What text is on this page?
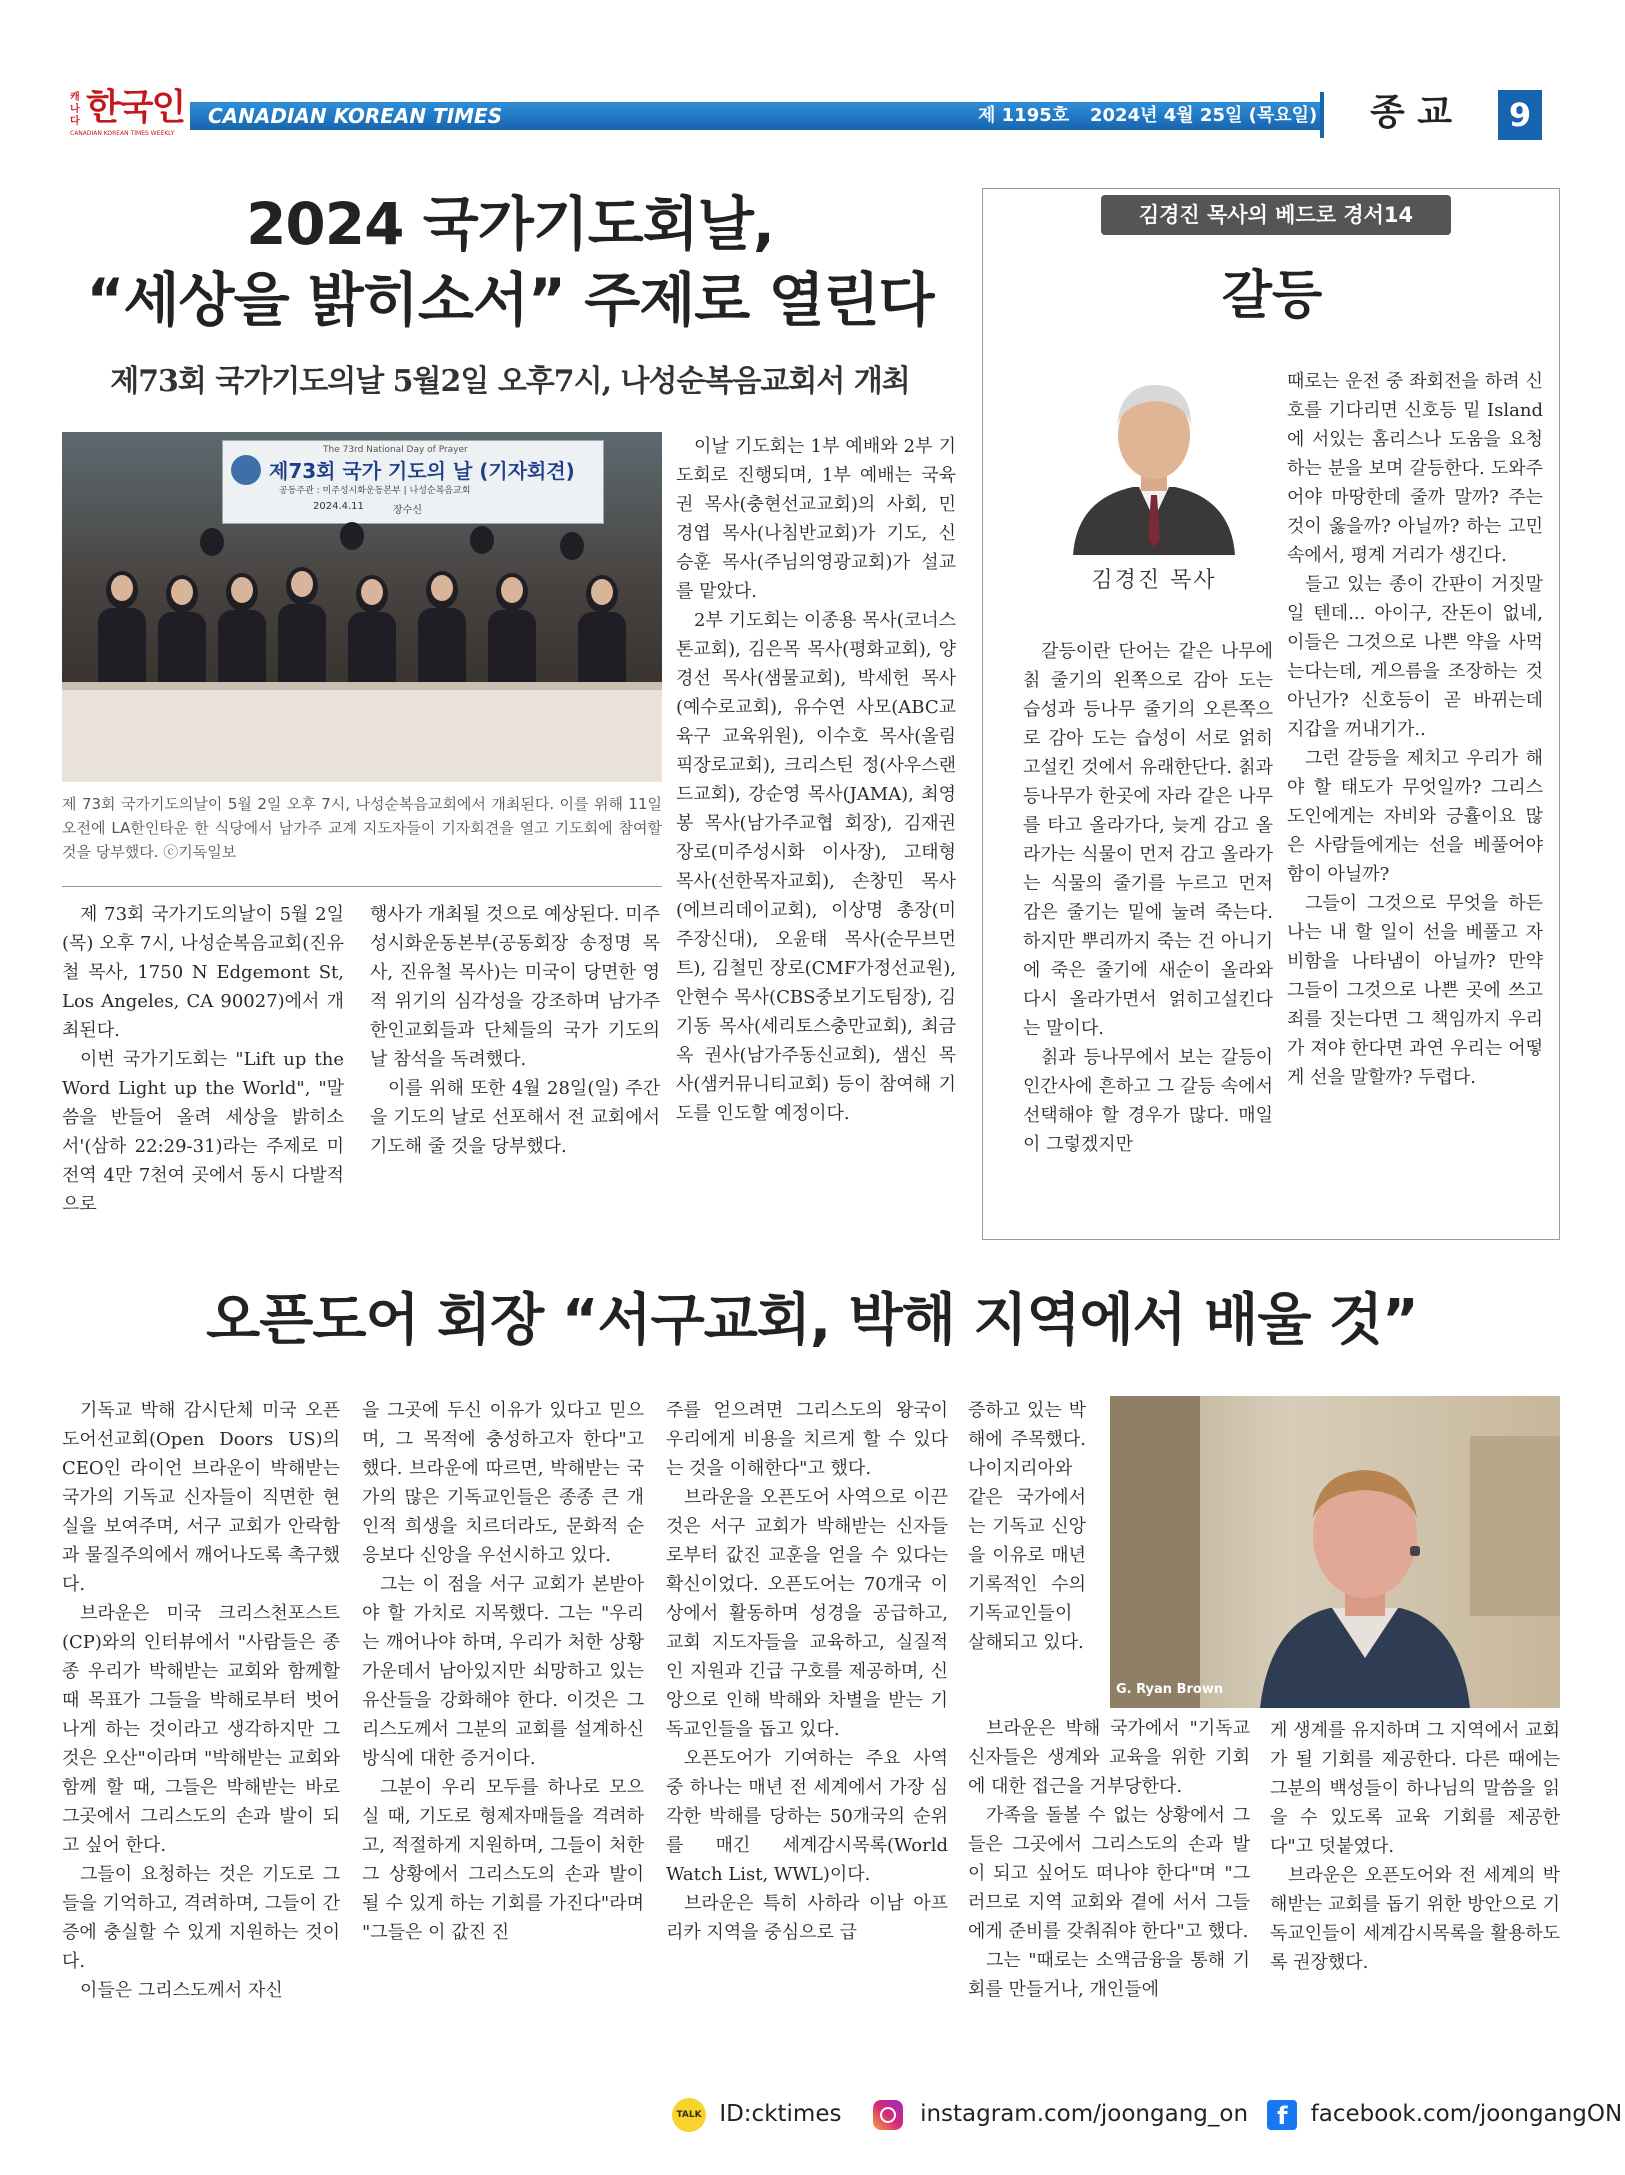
캐나다 한국인
CANADIAN KOREAN TIMES WEEKLY
CANADIAN KOREAN TIMES	제 1195호 2024년 4월 25일 (목요일) 종 교	9
2024 국가기도회날,
“세상을 밝히소서” 주제로 열린다
제73회 국가기도의날 5월2일 오후7시, 나성순복음교회서 개최
The 73rd National Day of Prayer
제73회 국가 기도의 날 (기자회견)
공동주관 : 미주성시화운동본부 | 나성순복음교회
2024.4.11	장수신
제 73회 국가기도의날이 5월 2일 오후 7시, 나성순복음교회에서 개최된다. 이를 위해 11일 오전에 LA한인타운 한 식당에서 남가주 교계 지도자들이 기자회견을 열고 기도회에 참여할 것을 당부했다. ⓒ기독일보

제 73회 국가기도의날이 5월 2일(목) 오후 7시, 나성순복음교회(진유철 목사, 1750 N Edgemont St, Los Angeles, CA 90027)에서 개최된다.

이번 국가기도회는 "Lift up the Word Light up the World", "말씀을 반들어 올려 세상을 밝히소서'(삼하 22:29-31)라는 주제로 미 전역 4만 7천여 곳에서 동시 다발적으로

행사가 개최될 것으로 예상된다. 미주성시화운동본부(공동회장 송정명 목사, 진유철 목사)는 미국이 당면한 영적 위기의 심각성을 강조하며 남가주 한인교회들과 단체들의 국가 기도의 날 참석을 독려했다.

이를 위해 또한 4월 28일(일) 주간을 기도의 날로 선포해서 전 교회에서 기도해 줄 것을 당부했다.

이날 기도회는 1부 예배와 2부 기도회로 진행되며, 1부 예배는 국육권 목사(충현선교교회)의 사회, 민경엽 목사(나침반교회)가 기도, 신승훈 목사(주님의영광교회)가 설교를 맡았다.

2부 기도회는 이종용 목사(코너스톤교회), 김은목 목사(평화교회), 양경선 목사(샘물교회), 박세헌 목사(예수로교회), 유수연 사모(ABC교육구 교육위원), 이수호 목사(올림픽장로교회), 크리스틴 정(사우스랜드교회), 강순영 목사(JAMA), 최영봉 목사(남가주교협 회장), 김재권 장로(미주성시화 이사장), 고태형 목사(선한목자교회), 손창민 목사(에브리데이교회), 이상명 총장(미주장신대), 오윤태 목사(순무브먼트), 김철민 장로(CMF가정선교원), 안현수 목사(CBS중보기도팀장), 김기동 목사(세리토스충만교회), 최금옥 권사(남가주동신교회), 샘신 목사(샘커뮤니티교회) 등이 참여해 기도를 인도할 예정이다.

김경진 목사의 베드로 경서14
갈등
김경진 목사

갈등이란 단어는 같은 나무에 칡 줄기의 왼쪽으로 감아 도는 습성과 등나무 줄기의 오른쪽으로 감아 도는 습성이 서로 얽히고설킨 것에서 유래한단다. 칡과 등나무가 한곳에 자라 같은 나무를 타고 올라가다, 늦게 감고 올라가는 식물이 먼저 감고 올라가는 식물의 줄기를 누르고 먼저 감은 줄기는 밑에 눌려 죽는다. 하지만 뿌리까지 죽는 건 아니기에 죽은 줄기에 새순이 올라와 다시 올라가면서 얽히고설킨다는 말이다.

칡과 등나무에서 보는 갈등이 인간사에 흔하고 그 갈등 속에서 선택해야 할 경우가 많다. 매일이 그렇겠지만

때로는 운전 중 좌회전을 하려 신호를 기다리면 신호등 밑 Island에 서있는 홈리스나 도움을 요청하는 분을 보며 갈등한다. 도와주어야 마땅한데 줄까 말까? 주는 것이 옳을까? 아닐까? 하는 고민 속에서, 평계 거리가 생긴다.

들고 있는 종이 간판이 거짓말일 텐데... 아이구, 잔돈이 없네, 이들은 그것으로 나쁜 약을 사먹는다는데, 게으름을 조장하는 것 아닌가? 신호등이 곧 바뀌는데 지갑을 꺼내기가..

그런 갈등을 제치고 우리가 해야 할 태도가 무엇일까? 그리스도인에게는 자비와 긍휼이요 많은 사람들에게는 선을 베풀어야 함이 아닐까?

그들이 그것으로 무엇을 하든 나는 내 할 일이 선을 베풀고 자비함을 나타냄이 아닐까? 만약 그들이 그것으로 나쁜 곳에 쓰고 죄를 짓는다면 그 책임까지 우리가 져야 한다면 과연 우리는 어떻게 선을 말할까? 두렵다.

오픈도어 회장 “서구교회, 박해 지역에서 배울 것”

기독교 박해 감시단체 미국 오픈도어선교회(Open Doors US)의 CEO인 라이언 브라운이 박해받는 국가의 기독교 신자들이 직면한 현실을 보여주며, 서구 교회가 안락함과 물질주의에서 깨어나도록 촉구했다.

브라운은 미국 크리스천포스트(CP)와의 인터뷰에서 "사람들은 종종 우리가 박해받는 교회와 함께할 때 목표가 그들을 박해로부터 벗어나게 하는 것이라고 생각하지만 그것은 오산"이라며 "박해받는 교회와 함께 할 때, 그들은 박해받는 바로 그곳에서 그리스도의 손과 발이 되고 싶어 한다.

그들이 요청하는 것은 기도로 그들을 기억하고, 격려하며, 그들이 간증에 충실할 수 있게 지원하는 것이다.

이들은 그리스도께서 자신

을 그곳에 두신 이유가 있다고 믿으며, 그 목적에 충성하고자 한다"고 했다. 브라운에 따르면, 박해받는 국가의 많은 기독교인들은 종종 큰 개인적 희생을 치르더라도, 문화적 순응보다 신앙을 우선시하고 있다.

그는 이 점을 서구 교회가 본받아야 할 가치로 지목했다. 그는 "우리는 깨어나야 하며, 우리가 처한 상황 가운데서 남아있지만 쇠망하고 있는 유산들을 강화해야 한다. 이것은 그리스도께서 그분의 교회를 설계하신 방식에 대한 증거이다.

그분이 우리 모두를 하나로 모으실 때, 기도로 형제자매들을 격려하고, 적절하게 지원하며, 그들이 처한 그 상황에서 그리스도의 손과 발이 될 수 있게 하는 기회를 가진다"라며 "그들은 이 값진 진

주를 얻으려면 그리스도의 왕국이 우리에게 비용을 치르게 할 수 있다는 것을 이해한다"고 했다.

브라운을 오픈도어 사역으로 이끈 것은 서구 교회가 박해받는 신자들로부터 값진 교훈을 얻을 수 있다는 확신이었다. 오픈도어는 70개국 이상에서 활동하며 성경을 공급하고, 교회 지도자들을 교육하고, 실질적인 지원과 긴급 구호를 제공하며, 신앙으로 인해 박해와 차별을 받는 기독교인들을 돕고 있다.

오픈도어가 기여하는 주요 사역 중 하나는 매년 전 세계에서 가장 심각한 박해를 당하는 50개국의 순위를 매긴 세계감시목록(World Watch List, WWL)이다.

브라운은 특히 사하라 이남 아프리카 지역을 중심으로 급

증하고 있는 박해에 주목했다. 나이지리아와 같은 국가에서는 기독교 신앙을 이유로 매년 기록적인 수의 기독교인들이 살해되고 있다.

브라운은 박해 국가에서 "기독교 신자들은 생계와 교육을 위한 기회에 대한 접근을 거부당한다.

가족을 돌볼 수 없는 상황에서 그들은 그곳에서 그리스도의 손과 발이 되고 싶어도 떠나야 한다"며 "그러므로 지역 교회와 곁에 서서 그들에게 준비를 갖춰줘야 한다"고 했다.

그는 "때로는 소액금융을 통해 기회를 만들거나, 개인들에

G. Ryan Brown

게 생계를 유지하며 그 지역에서 교회가 될 기회를 제공한다. 다른 때에는 그분의 백성들이 하나님의 말씀을 읽을 수 있도록 교육 기회를 제공한다"고 덧붙였다.

브라운은 오픈도어와 전 세계의 박해받는 교회를 돕기 위한 방안으로 기독교인들이 세계감시목록을 활용하도록 권장했다.

TALK ID:cktimes	instagram.com/joongang_on f facebook.com/joongangON
